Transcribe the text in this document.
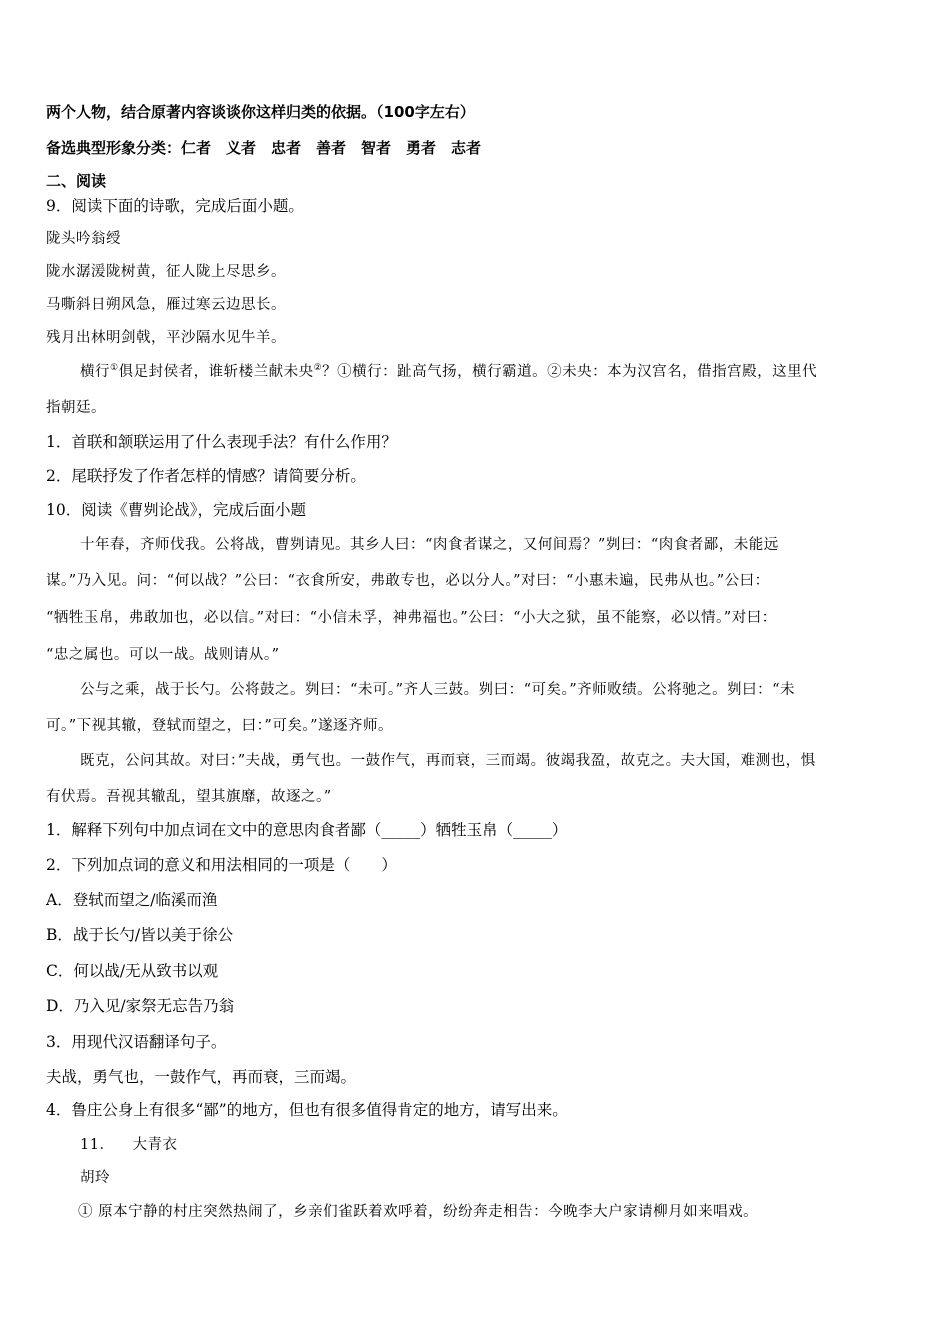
两个人物，结合原著内容谈谈你这样归类的依据。（100字左右）
备选典型形象分类：仁者　义者　忠者　善者　智者　勇者　志者
二、阅读
9．阅读下面的诗歌，完成后面小题。
陇头吟翁绶
陇水潺湲陇树黄，征人陇上尽思乡。
马嘶斜日朔风急，雁过寒云边思长。
残月出林明剑戟，平沙隔水见牛羊。
横行①俱足封侯者，谁斩楼兰献未央②？①横行：趾高气扬，横行霸道。②未央：本为汉宫名，借指宫殿，这里代
指朝廷。
1．首联和颔联运用了什么表现手法？有什么作用？
2．尾联抒发了作者怎样的情感？请简要分析。
10．阅读《曹刿论战》，完成后面小题
十年春，齐师伐我。公将战，曹刿请见。其乡人曰：“肉食者谋之，又何间焉？”刿曰：“肉食者鄙，未能远
谋。”乃入见。问：“何以战？”公曰：“衣食所安，弗敢专也，必以分人。”对曰：“小惠未遍，民弗从也。”公曰：
“牺牲玉帛，弗敢加也，必以信。”对曰：“小信未孚，神弗福也。”公曰：“小大之狱，虽不能察，必以情。”对曰：
“忠之属也。可以一战。战则请从。”
公与之乘，战于长勺。公将鼓之。刿曰：“未可。”齐人三鼓。刿曰：“可矣。”齐师败绩。公将驰之。刿曰：“未
可。”下视其辙，登轼而望之，曰：”可矣。”遂逐齐师。
既克，公问其故。对曰：”夫战，勇气也。一鼓作气，再而衰，三而竭。彼竭我盈，故克之。夫大国，难测也，惧
有伏焉。吾视其辙乱，望其旗靡，故逐之。”
1．解释下列句中加点词在文中的意思肉食者鄙（_____）牺牲玉帛（_____）
2．下列加点词的意义和用法相同的一项是（　　）
A．登轼而望之/临溪而渔
B．战于长勺/皆以美于徐公
C．何以战/无从致书以观
D．乃入见/家祭无忘告乃翁
3．用现代汉语翻译句子。
夫战，勇气也，一鼓作气，再而衰，三而竭。
4．鲁庄公身上有很多“鄙”的地方，但也有很多值得肯定的地方，请写出来。
11． 大青衣
胡玲
① 原本宁静的村庄突然热闹了，乡亲们雀跃着欢呼着，纷纷奔走相告：今晚李大户家请柳月如来唱戏。
